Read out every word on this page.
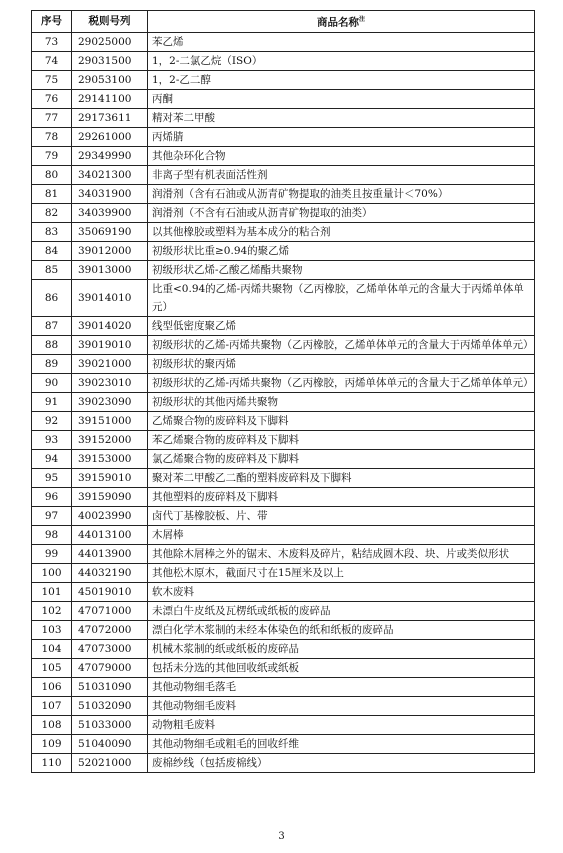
序号	税则号列	商品名称$^注$
73	29025000	苯乙烯
74	29031500	1，2-二氯乙烷（ISO）
75	29053100	1，2-乙二醇
76	29141100	丙酮
77	29173611	精对苯二甲酸
78	29261000	丙烯腈
79	29349990	其他杂环化合物
80	34021300	非离子型有机表面活性剂
81	34031900	润滑剂（含有石油或从沥青矿物提取的油类且按重量计＜70%）
82	34039900	润滑剂（不含有石油或从沥青矿物提取的油类）
83	35069190	以其他橡胶或塑料为基本成分的粘合剂
84	39012000	初级形状比重≥0.94的聚乙烯
85	39013000	初级形状乙烯-乙酸乙烯酯共聚物
86	39014010	比重<0.94的乙烯-丙烯共聚物（乙丙橡胶，乙烯单体单元的含量大于丙烯单体单元）
87	39014020	线型低密度聚乙烯
88	39019010	初级形状的乙烯-丙烯共聚物（乙丙橡胶，乙烯单体单元的含量大于丙烯单体单元）
89	39021000	初级形状的聚丙烯
90	39023010	初级形状的乙烯-丙烯共聚物（乙丙橡胶，丙烯单体单元的含量大于乙烯单体单元）
91	39023090	初级形状的其他丙烯共聚物
92	39151000	乙烯聚合物的废碎料及下脚料
93	39152000	苯乙烯聚合物的废碎料及下脚料
94	39153000	氯乙烯聚合物的废碎料及下脚料
95	39159010	聚对苯二甲酸乙二酯的塑料废碎料及下脚料
96	39159090	其他塑料的废碎料及下脚料
97	40023990	卤代丁基橡胶板、片、带
98	44013100	木屑棒
99	44013900	其他除木屑棒之外的锯末、木废料及碎片，粘结成圆木段、块、片或类似形状
100	44032190	其他松木原木，截面尺寸在15厘米及以上
101	45019010	软木废料
102	47071000	未漂白牛皮纸及瓦楞纸或纸板的废碎品
103	47072000	漂白化学木浆制的未经本体染色的纸和纸板的废碎品
104	47073000	机械木浆制的纸或纸板的废碎品
105	47079000	包括未分选的其他回收纸或纸板
106	51031090	其他动物细毛落毛
107	51032090	其他动物细毛废料
108	51033000	动物粗毛废料
109	51040090	其他动物细毛或粗毛的回收纤维
110	52021000	废棉纱线（包括废棉线）
3
